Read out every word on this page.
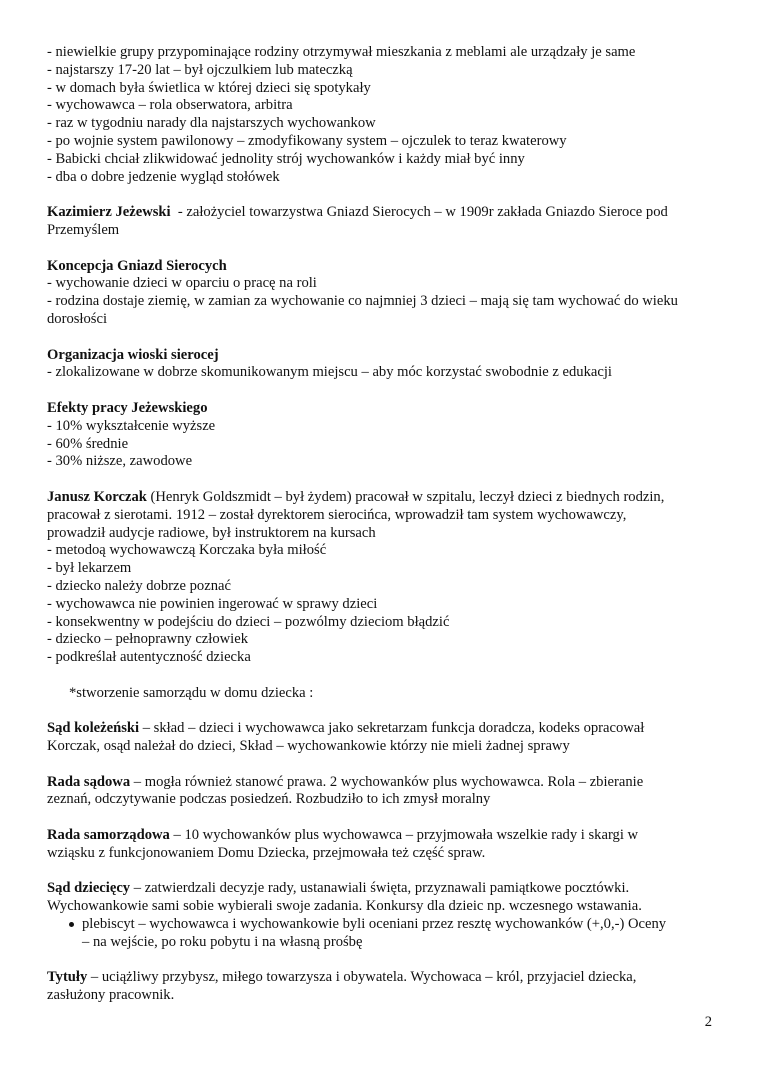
- niewielkie grupy przypominające rodziny otrzymywał mieszkania z meblami ale urządzały je same
- najstarszy 17-20 lat – był ojczulkiem lub mateczką
- w domach była świetlica w której dzieci się spotykały
- wychowawca – rola obserwatora, arbitra
- raz w tygodniu narady dla najstarszych wychowankow
- po wojnie system pawilonowy – zmodyfikowany system – ojczulek to teraz kwaterowy
- Babicki chciał zlikwidować jednolity strój wychowanków i każdy miał być inny
- dba o dobre jedzenie wygląd stołówek
Kazimierz Jeżewski  - założyciel towarzystwa Gniazd Sierocych – w 1909r zakłada Gniazdo Sieroce pod
Przemyślem
Koncepcja Gniazd Sierocych
- wychowanie dzieci w oparciu o pracę na roli
- rodzina dostaje ziemię, w zamian za wychowanie co najmniej 3 dzieci – mają się tam wychować do wieku
dorosłości
Organizacja wioski sierocej
- zlokalizowane w dobrze skomunikowanym miejscu – aby móc korzystać swobodnie z edukacji
Efekty pracy Jeżewskiego
- 10% wykształcenie wyższe
- 60% średnie
- 30% niższe, zawodowe
Janusz Korczak (Henryk Goldszmidt – był żydem) pracował w szpitalu, leczył dzieci z biednych rodzin,
pracował z sierotami. 1912 – został dyrektorem sierocińca, wprowadził tam system wychowawczy,
prowadził audycje radiowe, był instruktorem na kursach
- metodoą wychowawczą Korczaka była miłość
- był lekarzem
- dziecko należy dobrze poznać
- wychowawca nie powinien ingerować w sprawy dzieci
- konsekwentny w podejściu do dzieci – pozwólmy dzieciom błądzić
- dziecko – pełnoprawny człowiek
- podkreślał autentyczność dziecka
*stworzenie samorządu w domu dziecka :
Sąd koleżeński – skład – dzieci i wychowawca jako sekretarzam funkcja doradcza, kodeks opracował
Korczak, osąd należał do dzieci, Skład – wychowankowie którzy nie mieli żadnej sprawy
Rada sądowa – mogła również stanowć prawa. 2 wychowanków plus wychowawca. Rola – zbieranie
zeznań, odczytywanie podczas posiedzeń. Rozbudziło to ich zmysł moralny
Rada samorządowa – 10 wychowanków plus wychowawca – przyjmowała wszelkie rady i skargi w
wziąsku z funkcjonowaniem Domu Dziecka, przejmowała też część spraw.
Sąd dziecięcy – zatwierdzali decyzje rady, ustanawiali święta, przyznawali pamiątkowe pocztówki.
Wychowankowie sami sobie wybierali swoje zadania. Konkursy dla dzieic np. wczesnego wstawania.
plebiscyt – wychowawca i wychowankowie byli oceniani przez resztę wychowanków (+,0,-) Oceny
– na wejście, po roku pobytu i na własną prośbę
Tytuły – uciążliwy przybysz, miłego towarzysza i obywatela. Wychowaca – król, przyjaciel dziecka,
zasłużony pracownik.
2
